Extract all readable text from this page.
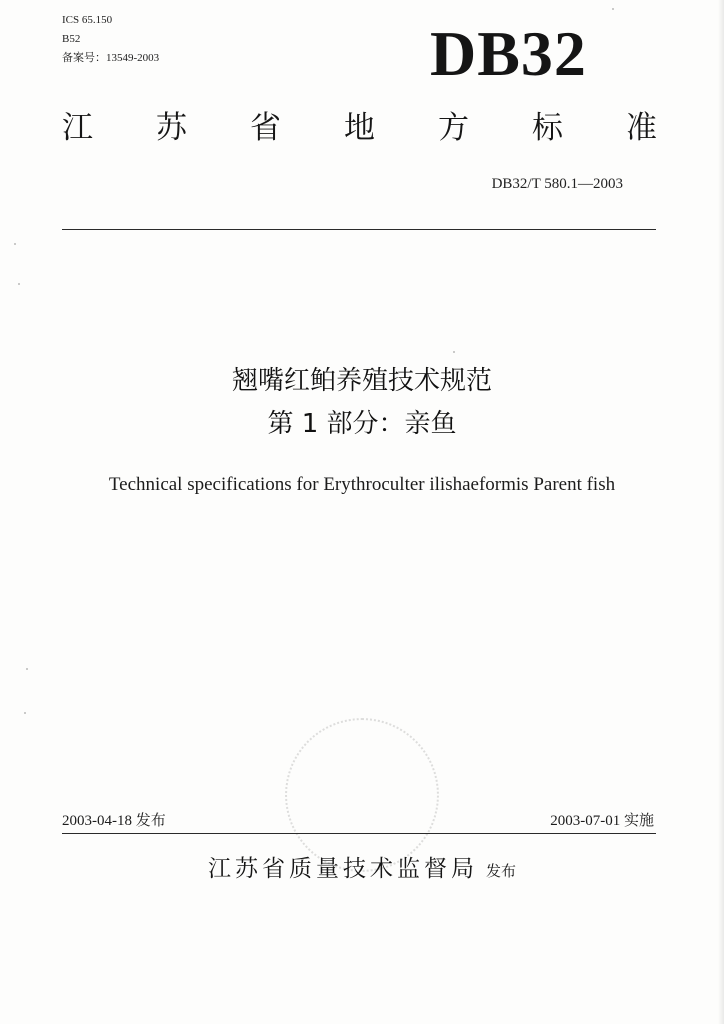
ICS 65.150
B52
备案号：13549-2003	DB32
江 苏 省 地 方 标 准
DB32/T 580.1—2003
翘嘴红鲌养殖技术规范
第 1 部分：亲鱼
Technical specifications for Erythroculter ilishaeformis Parent fish
2003-04-18 发布	2003-07-01 实施
江苏省质量技术监督局 发布
